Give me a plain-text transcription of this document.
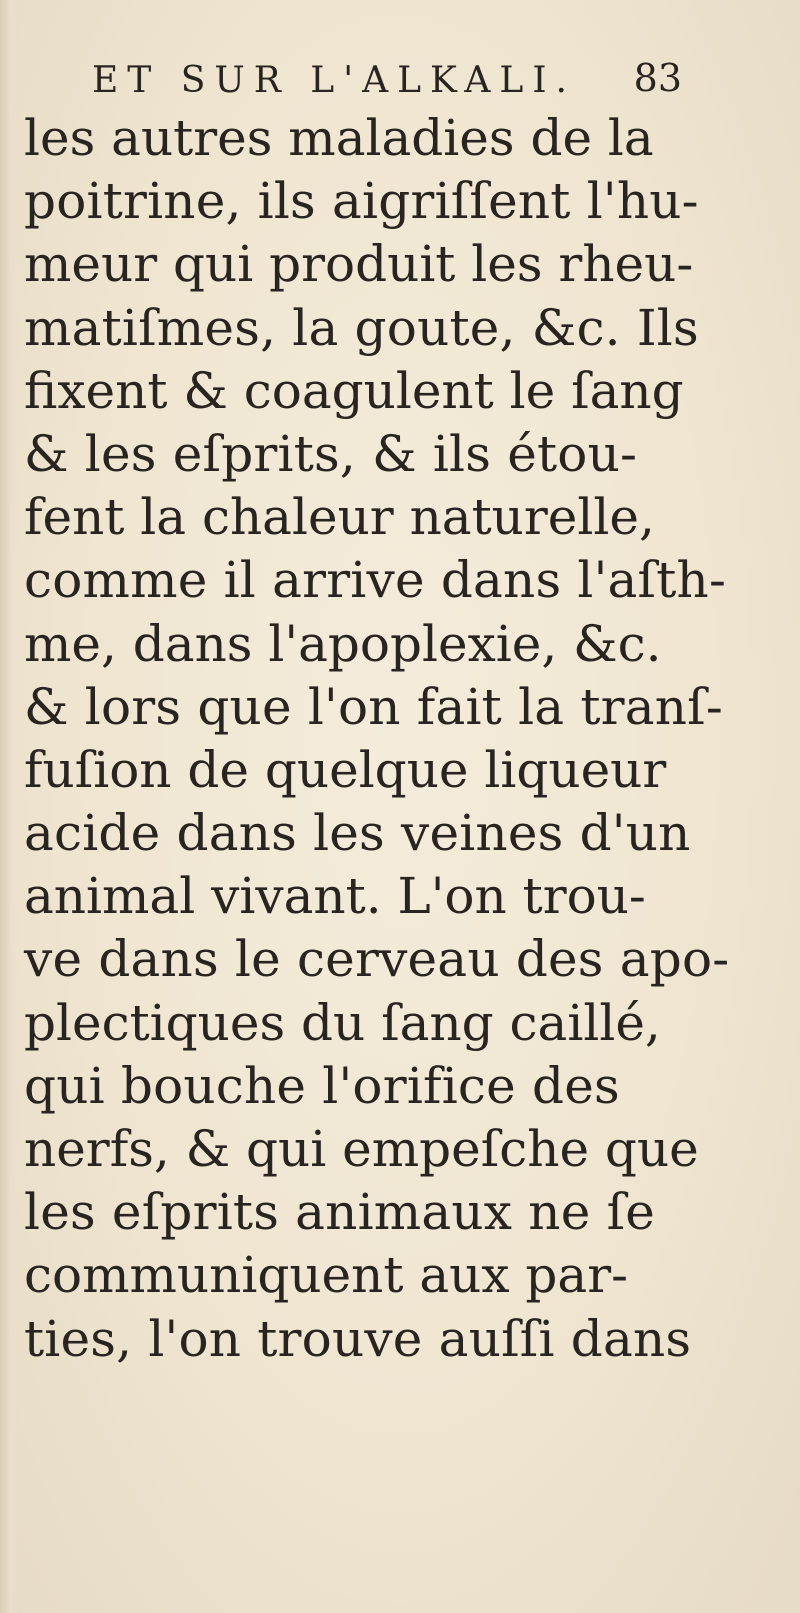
ET SUR L'ALKALI. 83
les autres maladies de la
poitrine, ils aigriſſent l'hu-
meur qui produit les rheu-
matiſmes, la goute, &c. Ils
fixent & coagulent le ſang
& les eſprits, & ils étou-
fent la chaleur naturelle,
comme il arrive dans l'aſth-
me, dans l'apoplexie, &c.
& lors que l'on fait la tranſ-
fuſion de quelque liqueur
acide dans les veines d'un
animal vivant. L'on trou-
ve dans le cerveau des apo-
plectiques du ſang caillé,
qui bouche l'orifice des
nerfs, & qui empeſche que
les eſprits animaux ne ſe
communiquent aux par-
ties, l'on trouve auſſi dans
